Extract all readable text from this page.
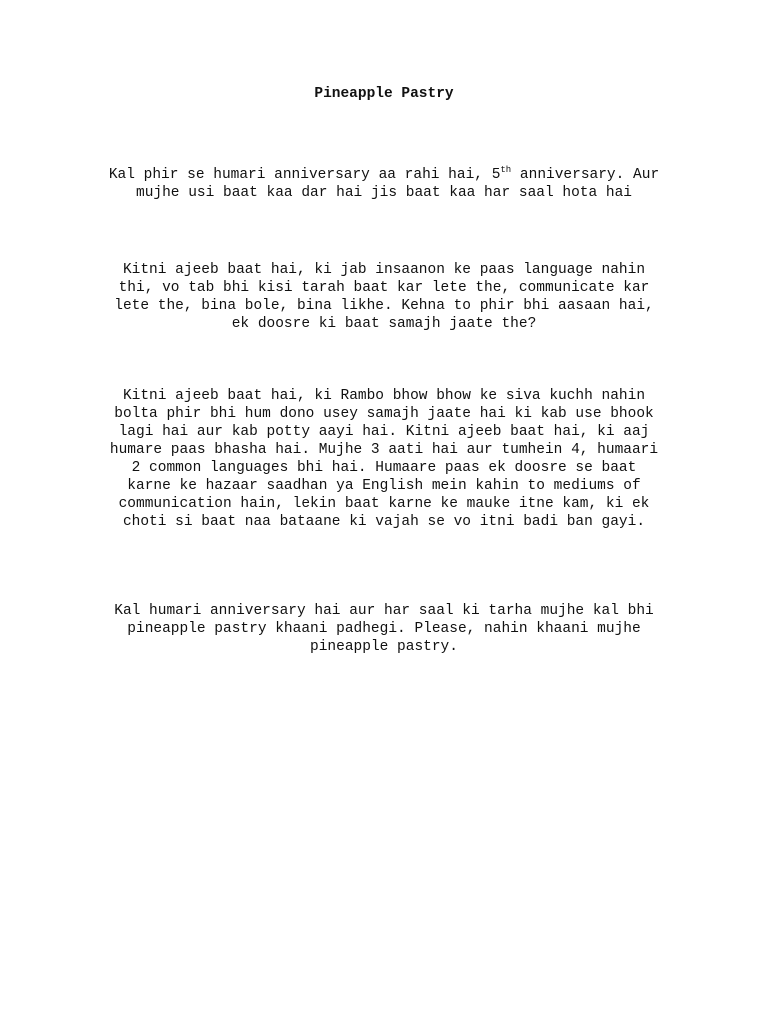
Pineapple Pastry

Kal phir se humari anniversary aa rahi hai, 5th anniversary. Aur mujhe usi baat kaa dar hai jis baat kaa har saal hota hai

Kitni ajeeb baat hai, ki jab insaanon ke paas language nahin thi, vo tab bhi kisi tarah baat kar lete the, communicate kar lete the, bina bole, bina likhe. Kehna to phir bhi aasaan hai, ek doosre ki baat samajh jaate the?

Kitni ajeeb baat hai, ki Rambo bhow bhow ke siva kuchh nahin bolta phir bhi hum dono usey samajh jaate hai ki kab use bhook lagi hai aur kab potty aayi hai. Kitni ajeeb baat hai, ki aaj humare paas bhasha hai. Mujhe 3 aati hai aur tumhein 4, humaari 2 common languages bhi hai. Humaare paas ek doosre se baat karne ke hazaar saadhan ya English mein kahin to mediums of communication hain, lekin baat karne ke mauke itne kam, ki ek choti si baat naa bataane ki vajah se vo itni badi ban gayi.

Kal humari anniversary hai aur har saal ki tarha mujhe kal bhi pineapple pastry khaani padhegi. Please, nahin khaani mujhe pineapple pastry.
